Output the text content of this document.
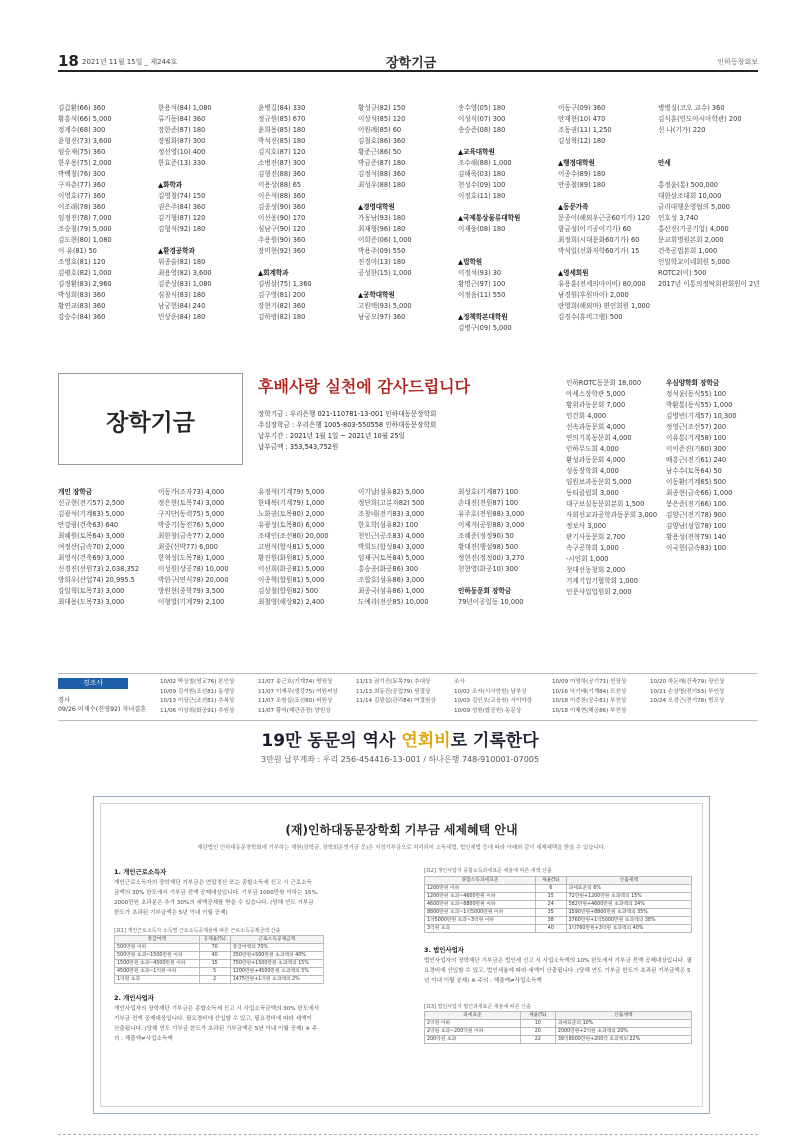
18 2021년 11월 15일 _ 제244호	장학기금	인하동창회보
김갑환(66) 360
황흥석(66) 5,000
정계수(68) 300
윤형진(73) 3,600
임승재(75) 360
한우용(75) 2,000
박백철(76) 300
구자춘(77) 360
이영호(77) 360
이조래(78) 360
임정진(78) 7,000
조승철(79) 5,000
김도현(80) 1,080
이 유(81) 50
조영호(81) 120
김평호(82) 1,000
김정환(83) 2,960
박성희(83) 360
황연교(83) 360
강승수(84) 360
한용석(84) 1,080
류기동(84) 360
장한준(87) 180
장필화(87) 300
정선영(10) 400
한효준(13) 330
▲화학과
김영철(74) 150
권은주(84) 360
김기형(87) 120
김형석(92) 180
▲환경공학과
위종술(82) 180
최용영(82) 3,600
김준상(83) 1,080
심창식(83) 180
남궁헌(84) 240
민상운(84) 180
윤병길(84) 330
정규원(85) 670
윤희용(85) 180
박석진(85) 180
김지호(87) 120
소병진(87) 300
김형진(88) 360
이용상(88) 65
이은석(88) 360
김종성(90) 360
이선웅(90) 170
심남구(90) 120
주용원(90) 360
장미현(92) 360
▲회계학과
김범삼(75) 1,360
김구영(81) 200
장현기(82) 360
김하범(82) 180
황성규(82) 150
이상석(85) 120
이원례(85) 60
김철호(86) 360
황준근(86) 50
박금준(87) 180
김정석(88) 360
최성우(88) 180
▲경영대학원
가동남(93) 180
최재형(96) 180
이희준(06) 1,000
박용주(09) 550
진경미(13) 180
공성한(15) 1,000
▲공학대학원
고원택(93) 5,000
남궁모(97) 360
송수영(05) 180
이성식(07) 300
송승준(08) 180
▲교육대학원
조수해(88) 1,000
김해욱(03) 180
천성수(09) 100
이정호(11) 180
▲국제통상물류대학원
이재웅(08) 180
▲법학원
이정석(93) 30
황명근(97) 100
이정음(11) 550
▲정책학본대학원
김병구(09) 5,000
이동구(09) 360
안재현(10) 470
조동권(11) 1,250
김성혁(12) 180
▲행정대학원
이종수(89) 180
안종철(89) 180
▲동문가족
문종이(해외우근공60기가) 120
함금성(이기공이기가) 60
최정희(시대문화60기가) 60
박석일(선화자학60기가) 15
▲영세회원
유용훈(전세의마이비) 80,000
남경원(후원마이) 2,000
란영희(해외마) 편인회원 1,000
김경수(휴비그램) 500
병병실(코오 교수) 360
김식훈(인도아시아학관) 200
신 나(기가) 220
안세
홍정윤(통) 500,000
대한삼조대회 10,000
금리대행운영협의 5,000
인호성 3,740
홍산진(기공기업) 4,000
문교회명원본회 2,000
건축공법본회 1,000
인일학교이네회원 5,000
ROTC2(이) 500
2017년 이통의정탁회관회원이 2년
장학기금
후배사랑 실천에 감사드립니다
장학기금 : 우리은행 021-110781-13-001 인하대동문장학회
주십장학금 : 우리은행 1005-803-550558 인하대동문장학회
납부기간 : 2021년 1월 1일 ~ 2021년 10월 25일
납부금액 : 353,543,752원
인하ROTC동문회 18,000
아세스장학관 5,000
황위과동문회 7,000
인간회 4,000
선속과동문회 4,000
연의기록동문회 4,000
인하무도회 4,000
환성과동문회 4,000
성동장학회 4,000
임원보과동문회 5,000
동티클럽회 3,000
대구보실동문회분회 1,500
사회선교과공학과동문회 3,000
정보사 3,000
판기사동문회 2,700
속구공학회 1,000
-시인회 1,000
첫대선동창회 2,000
기계기업기협학회 1,000
인문사업업원회 2,000
우심양학회 장학금
정석윤(동식55) 100
박환통(동식55) 1,000
김병빈(기계57) 10,300
정영근(조선57) 200
이유통(기계58) 100
이이준진(기60) 300
배흥근(전기61) 240
남수수(토목64) 50
이동환(기계65) 500
최종현(금속66) 1,000
봉은준(전기66) 100
김양근(전기78) 900
김양남(섬업78) 100
황용성(전복79) 140
이국헌(금속83) 100
개인 장학금
신규현(전기57) 2,500
김광석(기계63) 5,000
안강림(건축63) 640
최혜원(토목64) 3,000
여정산(금속70) 2,000
최영식(건축69) 3,000
신경진(선원73) 2,038,352
방희우(산업74) 20,995.5
강일혁(토목73) 3,000
최대용(도목73) 3,000
이동가(조자73) 4,000
정은현(토목74) 3,000
구지단(동력75) 5,000
박중기(동진76) 5,000
최한창(금속77) 2,000
최중(선박77) 6,000
한혁성(도목78) 1,000
이성원(상공78) 10,000
박한구(연식78) 20,000
방원현(종학79) 3,500
이형열(기계79) 2,100
유정석(기계79) 5,000
한태복(기계79) 1,000
노화권(토목80) 2,000
유광성(토목80) 6,000
조태인(조선80) 20,000
고범석(합사81) 5,000
황진원(화원81) 5,000
이선희(화공81) 5,000
이종혁(합원81) 5,000
김상철(합원82) 500
최철영(해상82) 2,400
이기날(섬유82) 5,000
정단희(고분자82) 500
조창네(전기83) 3,000
한호학(섬유82) 100
천인근(공조83) 4,000
박희도(합성84) 3,000
임재구(토목84) 5,000
홍승종(화공86) 300
조합호(섬유86) 3,000
최종국(섬유86) 1,000
도예리(전산85) 10,000
최성호(기계87) 100
손대진(전원87) 100
유주호(전원88) 3,000
이제거(공원88) 3,000
조혜준(정정90) 50
황대진(행섬98) 500
정현진(정정00) 3,270
천현영(화공10) 300
인하동문회 장학금
79년이공일동 10,000
경조사
경사
09/26 이재수(전영92) 자녀결혼
10/02 박상철(영교76) 본인상
10/09 김석원(조선81) 동생상
10/13 이상근(조선81) 추복상
11/06 이상희(화공91) 추원상
11/07 송근호(기계74) 명원상
11/07 이재무(생강75) 여원씨상
11/07 조원실(조선80) 비원상
11/07 황석(제관공장) 양원상
11/13 권기진(토목79) 추대상
11/13 최동진(공업79) 원결상
11/14 김광섭(관리84) 여결원상
조사
10/02 조자(시사학원) 남부상
10/03 김인오(교육원) 사이야상
10/09 성원(합공원) 동문상
10/09 이영하(공기71) 빈장상
10/16 낙기배(기계84) 모친상
10/18 이중찬(공수81) 부친상
10/18 이제현(해공86) 부친상
10/20 하돈래(건축79) 장인상
10/21 손상명(전기53) 부인상
10/24 오경근(전기78) 빙모상
19만 동문의 역사 연회비로 기록한다
3만원 납부계좌 : 우리 256-454416-13-001 / 하나은행 748-910001-07005
(재)인하대동문장학회 기부금 세제혜택 안내
재단법인 인하대동문장학회에 기부하는 재원(장학금, 장학회운영기금 등)은 지정기부금으로 처리되어 소득세법, 법인세법 등에 따라 아래와 같이 세제혜택을 받을 수 있습니다.
1. 개인근로소득자
개인근로소득자의 장학재단 기부금은 연말정산 또는 종합소득세 신고 시 근로소득 금액의 30% 한도에서 기부금 전액 공제대상입니다. 기부금 1000만원 이하는 15%, 2000만원 초과분은 추가 30%의 세액공제를 받을 수 있습니다. (당해 연도 기부금 한도가 초과된 기부금액은 5년 이내 이월 공제)
[표1] 개인근로소득자 소득별 근로소득공제율에 따른 근로소득공제금액 산출
총급여액	공제율(%)	근로소득공제금액
500만원 이하	70	총급여액의 70%
500만원 초과~1500만원 이하	40	350만원+500만원 초과액의 40%
1500만원 초과~4500만원 이하	15	750만원+1500만원 초과액의 15%
4500만원 초과~1억원 이하	5	1200만원+4500만원 초과액의 5%
1억원 초과	2	1475만원+1억원 초과액의 2%
2. 개인사업자
개인사업자의 장학재단 기부금은 종합소득세 신고 시 사업소득금액의 30% 한도에서 기부금 전액 공제대상입니다. 필요경비에 산입할 수 있고, 필요경비에 따라 세액이 산출됩니다. (당해 연도 기부금 한도가 초과된 기부금액은 5년 이내 이월 공제) ※ 주의 : 해출액≠사업소득액
[표2] 개인사업자 종합소득과세표준 세율에 따른 세액 산출
종합소득과세표준	세율(%)	산출세액
1200만원 이하	6	과세표준의 6%
1200만원 초과~4600만원 이하	15	72만원+1200만원 초과액의 15%
4600만원 초과~8800만원 이하	24	582만원+4600만원 초과액의 24%
8800만원 초과~1억5000만원 이하	35	1590만원+8800만원 초과액의 35%
1억5000만원 초과~3억원 이하	38	3760만원+1억5000만원 초과액의 38%
3억원 초과	40	1억760만원+3억원 초과액의 40%
3. 법인사업자
법인사업자의 장학재단 기부금은 법인세 신고 시 사업소득액의 10% 한도에서 기부금 전액 공제대상입니다. 필요경비에 산입할 수 있고, 법인세율에 따라 세액이 산출됩니다. (당해 연도 기부금 한도가 초과된 기부금액은 5년 이내 이월 공제) ※ 주의 : 해출액≠사업소득액
[표3] 법인사업자 법인과세표준 세율에 따른 산출
과세표준	세율(%)	산출세액
2억원 이하	10	과세표준의 10%
2억원 초과~200억원 이하	20	2000만원+2억원 초과액의 20%
200억원 초과	22	39억8000만원+200억 초과액의 22%
